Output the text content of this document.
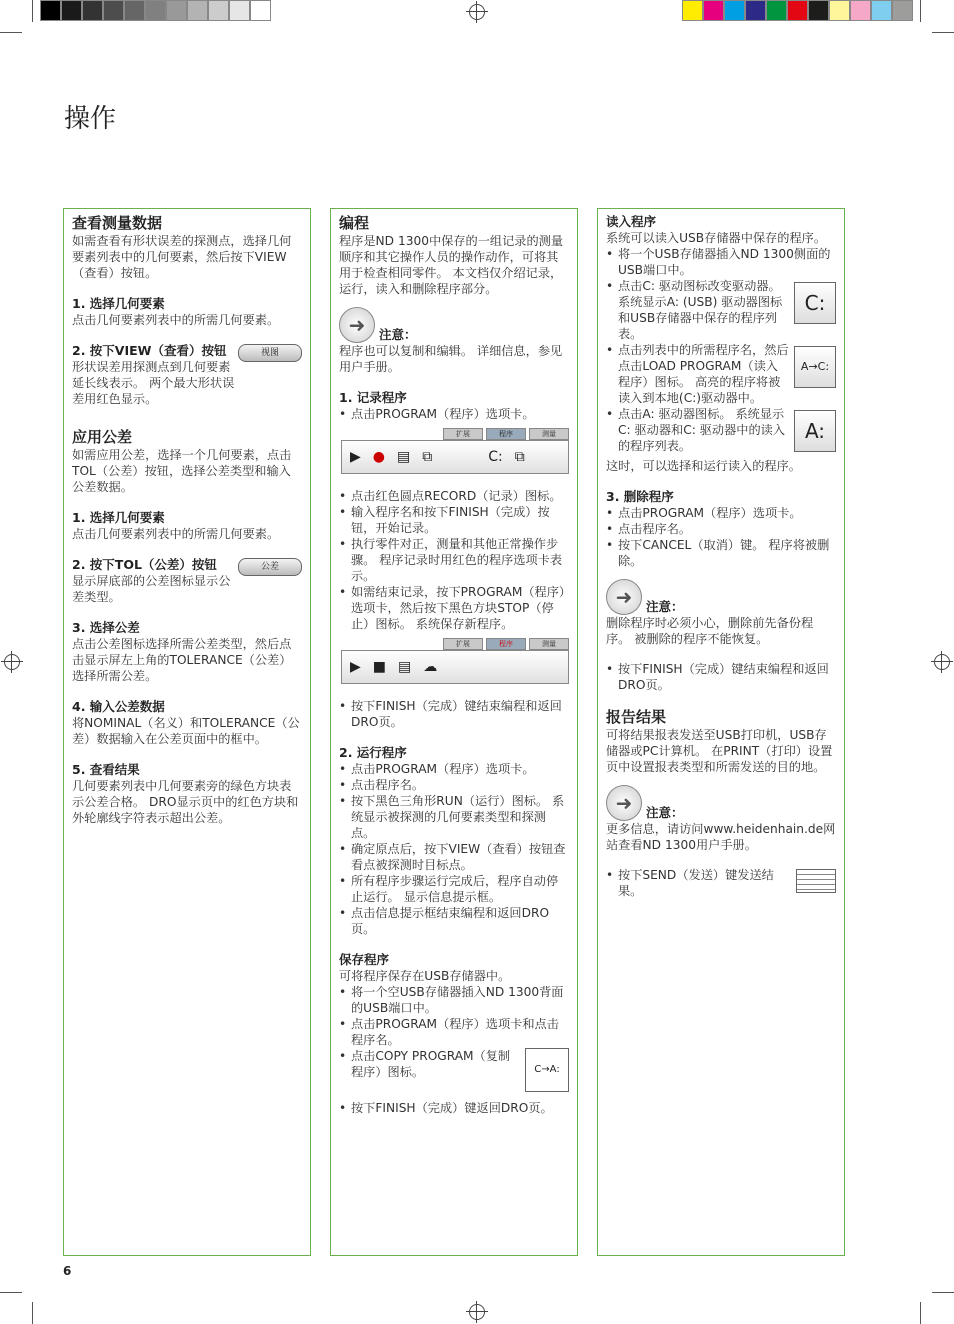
操作
6
查看测量数据

如需查看有形状误差的探测点，选择几何要素列表中的几何要素，然后按下VIEW（查看）按钮。

1. 选择几何要素

点击几何要素列表中的所需几何要素。

2. 按下VIEW（查看）按钮

形状误差用探测点到几何要素延长线表示。 两个最大形状误差用红色显示。

视图
应用公差

如需应用公差，选择一个几何要素，点击TOL（公差）按钮，选择公差类型和输入公差数据。

1. 选择几何要素

点击几何要素列表中的所需几何要素。

2. 按下TOL（公差）按钮

显示屏底部的公差图标显示公差类型。

公差
3. 选择公差

点击公差图标选择所需公差类型，然后点击显示屏左上角的TOLERANCE（公差）选择所需公差。

4. 输入公差数据

将NOMINAL（名义）和TOLERANCE（公差）数据输入在公差页面中的框中。

5. 查看结果

几何要素列表中几何要素旁的绿色方块表示公差合格。 DRO显示页中的红色方块和外轮廓线字符表示超出公差。

编程

程序是ND 1300中保存的一组记录的测量顺序和其它操作人员的操作动作，可将其用于检查相同零件。 本文档仅介绍记录，运行，读入和删除程序部分。

➜	注意：

程序也可以复制和编辑。 详细信息，参见用户手册。

1. 记录程序
• 点击PROGRAM（程序）选项卡。
扩展	程序	测量
▶ ● ▤ ⧉	C: ⧉
• 点击红色圆点RECORD（记录）图标。
• 输入程序名和按下FINISH（完成）按钮，开始记录。
• 执行零件对正，测量和其他正常操作步骤。 程序记录时用红色的程序选项卡表示。
• 如需结束记录，按下PROGRAM（程序）选项卡，然后按下黑色方块STOP（停止）图标。 系统保存新程序。
扩展	程序	测量
▶ ■ ▤ ☁
• 按下FINISH（完成）键结束编程和返回DRO页。
2. 运行程序
• 点击PROGRAM（程序）选项卡。
• 点击程序名。
• 按下黑色三角形RUN（运行）图标。 系统显示被探测的几何要素类型和探测点。
• 确定原点后，按下VIEW（查看）按钮查看点被探测时目标点。
• 所有程序步骤运行完成后，程序自动停止运行。 显示信息提示框。
• 点击信息提示框结束编程和返回DRO页。
保存程序

可将程序保存在USB存储器中。

• 将一个空USB存储器插入ND 1300背面的USB端口中。
• 点击PROGRAM（程序）选项卡和点击程序名。
• 点击COPY PROGRAM（复制程序）图标。	C→A:
• 按下FINISH（完成）键返回DRO页。
读入程序

系统可以读入USB存储器中保存的程序。

• 将一个USB存储器插入ND 1300侧面的USB端口中。
• 点击C: 驱动图标改变驱动器。 系统显示A: (USB) 驱动器图标和USB存储器中保存的程序列表。
C:
• 点击列表中的所需程序名，然后点击LOAD PROGRAM（读入程序）图标。 高亮的程序将被读入到本地(C:)驱动器中。
A→C:
• 点击A: 驱动器图标。 系统显示C: 驱动器和C: 驱动器中的读入的程序列表。
A:

这时，可以选择和运行读入的程序。

3. 删除程序
• 点击PROGRAM（程序）选项卡。
• 点击程序名。
• 按下CANCEL（取消）键。 程序将被删除。
➜	注意：

删除程序时必须小心，删除前先备份程序。 被删除的程序不能恢复。

• 按下FINISH（完成）键结束编程和返回DRO页。
报告结果

可将结果报表发送至USB打印机，USB存储器或PC计算机。 在PRINT（打印）设置页中设置报表类型和所需发送的目的地。

➜	注意：

更多信息，请访问www.heidenhain.de网站查看ND 1300用户手册。

• 按下SEND（发送）键发送结果。
